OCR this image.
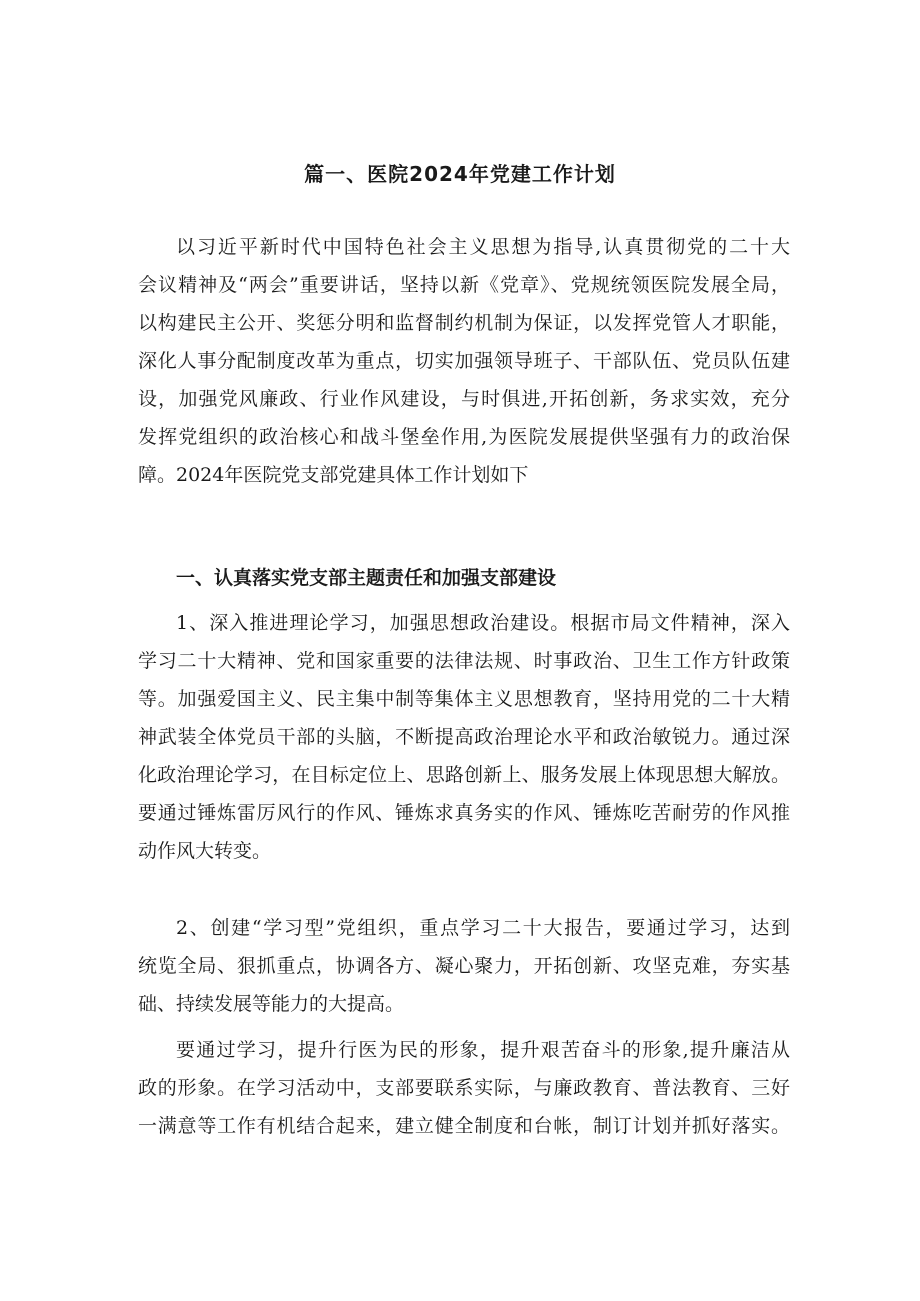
篇一、医院2024年党建工作计划
以习近平新时代中国特色社会主义思想为指导,认真贯彻党的二十大
会议精神及“两会”重要讲话，坚持以新《党章》、党规统领医院发展全局，
以构建民主公开、奖惩分明和监督制约机制为保证，以发挥党管人才职能，
深化人事分配制度改革为重点，切实加强领导班子、干部队伍、党员队伍建
设，加强党风廉政、行业作风建设，与时俱进,开拓创新，务求实效，充分
发挥党组织的政治核心和战斗堡垒作用,为医院发展提供坚强有力的政治保
障。2024年医院党支部党建具体工作计划如下
一、认真落实党支部主题责任和加强支部建设
1、深入推进理论学习，加强思想政治建设。根据市局文件精神，深入
学习二十大精神、党和国家重要的法律法规、时事政治、卫生工作方针政策
等。加强爱国主义、民主集中制等集体主义思想教育，坚持用党的二十大精
神武装全体党员干部的头脑，不断提高政治理论水平和政治敏锐力。通过深
化政治理论学习，在目标定位上、思路创新上、服务发展上体现思想大解放。
要通过锤炼雷厉风行的作风、锤炼求真务实的作风、锤炼吃苦耐劳的作风推
动作风大转变。
2、创建“学习型”党组织，重点学习二十大报告，要通过学习，达到
统览全局、狠抓重点，协调各方、凝心聚力，开拓创新、攻坚克难，夯实基
础、持续发展等能力的大提高。
要通过学习，提升行医为民的形象，提升艰苦奋斗的形象,提升廉洁从
政的形象。在学习活动中，支部要联系实际，与廉政教育、普法教育、三好
一满意等工作有机结合起来，建立健全制度和台帐，制订计划并抓好落实。
